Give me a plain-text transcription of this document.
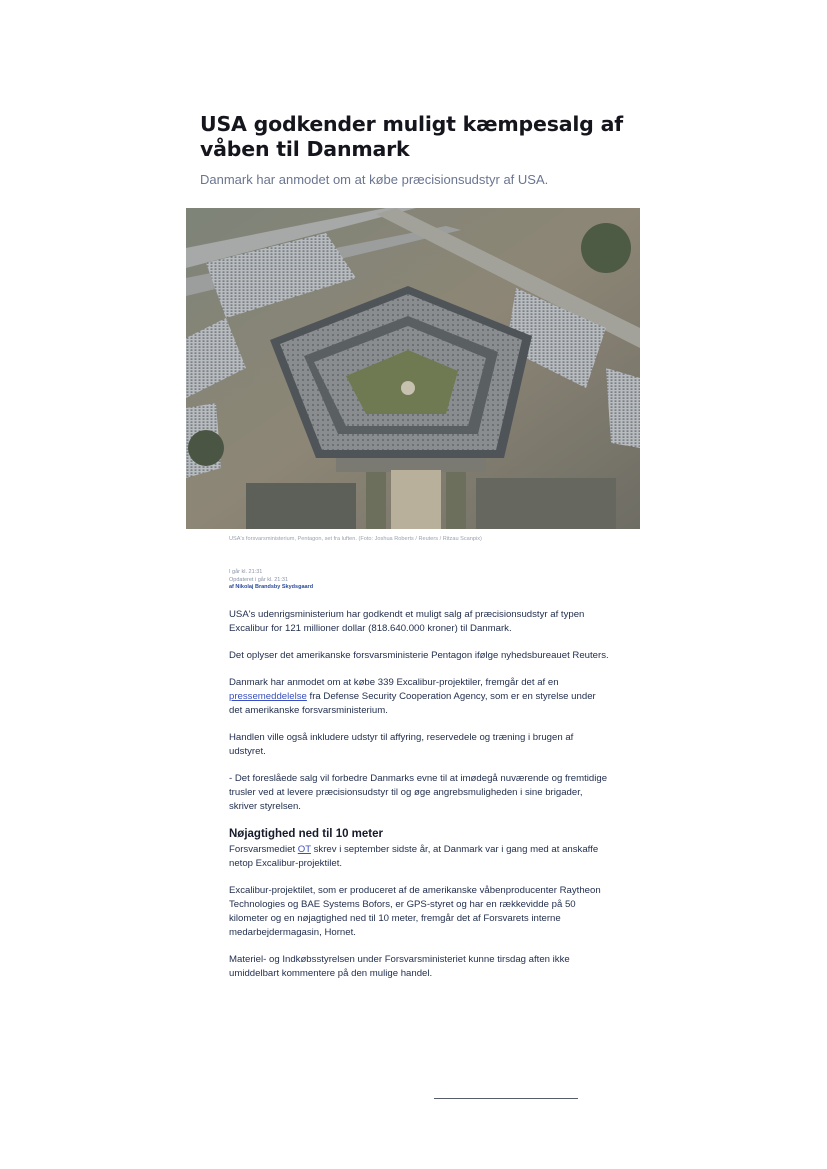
USA godkender muligt kæmpesalg af våben til Danmark

Danmark har anmodet om at købe præcisionsudstyr af USA.

USA's forsvarsministerium, Pentagon, set fra luften. (Foto: Joshua Roberts / Reuters / Ritzau Scanpix)
I går kl. 21:31
Opdateret i går kl. 21:31
af Nikolaj Brandsby Skydsgaard

USA's udenrigsministerium har godkendt et muligt salg af præcisionsudstyr af typen Excalibur for 121 millioner dollar (818.640.000 kroner) til Danmark.

Det oplyser det amerikanske forsvarsministerie Pentagon ifølge nyhedsbureauet Reuters.

Danmark har anmodet om at købe 339 Excalibur-projektiler, fremgår det af en pressemeddelelse fra Defense Security Cooperation Agency, som er en styrelse under det amerikanske forsvarsministerium.

Handlen ville også inkludere udstyr til affyring, reservedele og træning i brugen af udstyret.

- Det foreslåede salg vil forbedre Danmarks evne til at imødegå nuværende og fremtidige trusler ved at levere præcisionsudstyr til og øge angrebsmuligheden i sine brigader, skriver styrelsen.

Nøjagtighed ned til 10 meter

Forsvarsmediet OT skrev i september sidste år, at Danmark var i gang med at anskaffe netop Excalibur-projektilet.

Excalibur-projektilet, som er produceret af de amerikanske våbenproducenter Raytheon Technologies og BAE Systems Bofors, er GPS-styret og har en rækkevidde på 50 kilometer og en nøjagtighed ned til 10 meter, fremgår det af Forsvarets interne medarbejdermagasin, Hornet.

Materiel- og Indkøbsstyrelsen under Forsvarsministeriet kunne tirsdag aften ikke umiddelbart kommentere på den mulige handel.
